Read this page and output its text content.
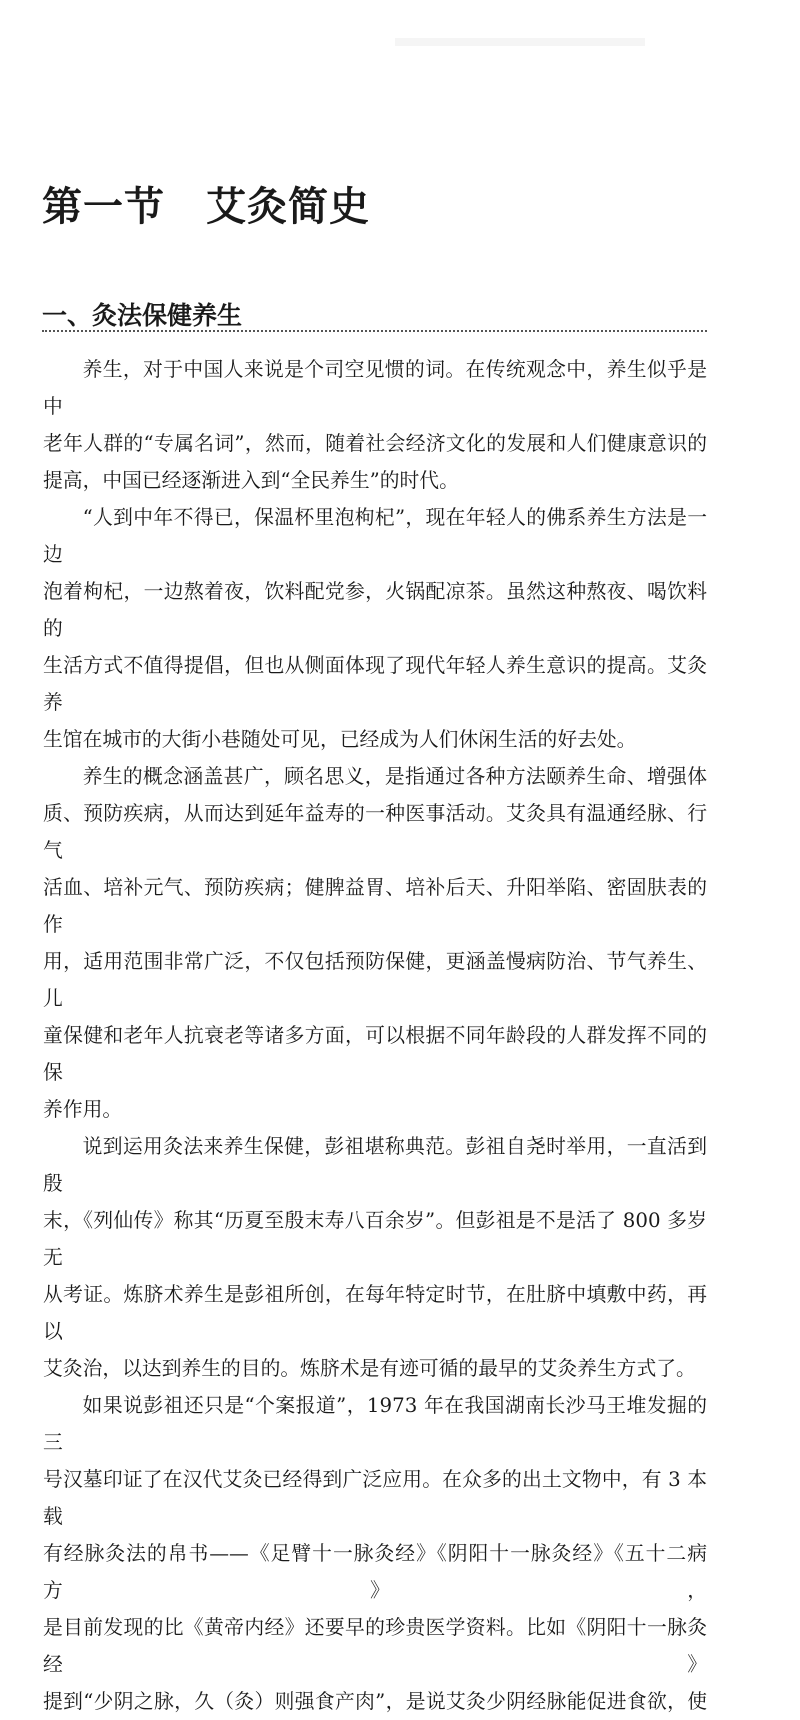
第一节　艾灸简史
一、灸法保健养生
养生，对于中国人来说是个司空见惯的词。在传统观念中，养生似乎是中
老年人群的“专属名词”，然而，随着社会经济文化的发展和人们健康意识的
提高，中国已经逐渐进入到“全民养生”的时代。
“人到中年不得已，保温杯里泡枸杞”，现在年轻人的佛系养生方法是一边
泡着枸杞，一边熬着夜，饮料配党参，火锅配凉茶。虽然这种熬夜、喝饮料的
生活方式不值得提倡，但也从侧面体现了现代年轻人养生意识的提高。艾灸养
生馆在城市的大街小巷随处可见，已经成为人们休闲生活的好去处。
养生的概念涵盖甚广，顾名思义，是指通过各种方法颐养生命、增强体
质、预防疾病，从而达到延年益寿的一种医事活动。艾灸具有温通经脉、行气
活血、培补元气、预防疾病；健脾益胃、培补后天、升阳举陷、密固肤表的作
用，适用范围非常广泛，不仅包括预防保健，更涵盖慢病防治、节气养生、儿
童保健和老年人抗衰老等诸多方面，可以根据不同年龄段的人群发挥不同的保
养作用。
说到运用灸法来养生保健，彭祖堪称典范。彭祖自尧时举用，一直活到殷
末，《列仙传》称其“历夏至殷末寿八百余岁”。但彭祖是不是活了 800 多岁无
从考证。炼脐术养生是彭祖所创，在每年特定时节，在肚脐中填敷中药，再以
艾灸治，以达到养生的目的。炼脐术是有迹可循的最早的艾灸养生方式了。
如果说彭祖还只是“个案报道”，1973 年在我国湖南长沙马王堆发掘的三
号汉墓印证了在汉代艾灸已经得到广泛应用。在众多的出土文物中，有 3 本载
有经脉灸法的帛书——《足臂十一脉灸经》《阴阳十一脉灸经》《五十二病方》，
是目前发现的比《黄帝内经》还要早的珍贵医学资料。比如《阴阳十一脉灸经》
提到“少阴之脉，久（灸）则强食产肉”，是说艾灸少阴经脉能促进食欲，使
